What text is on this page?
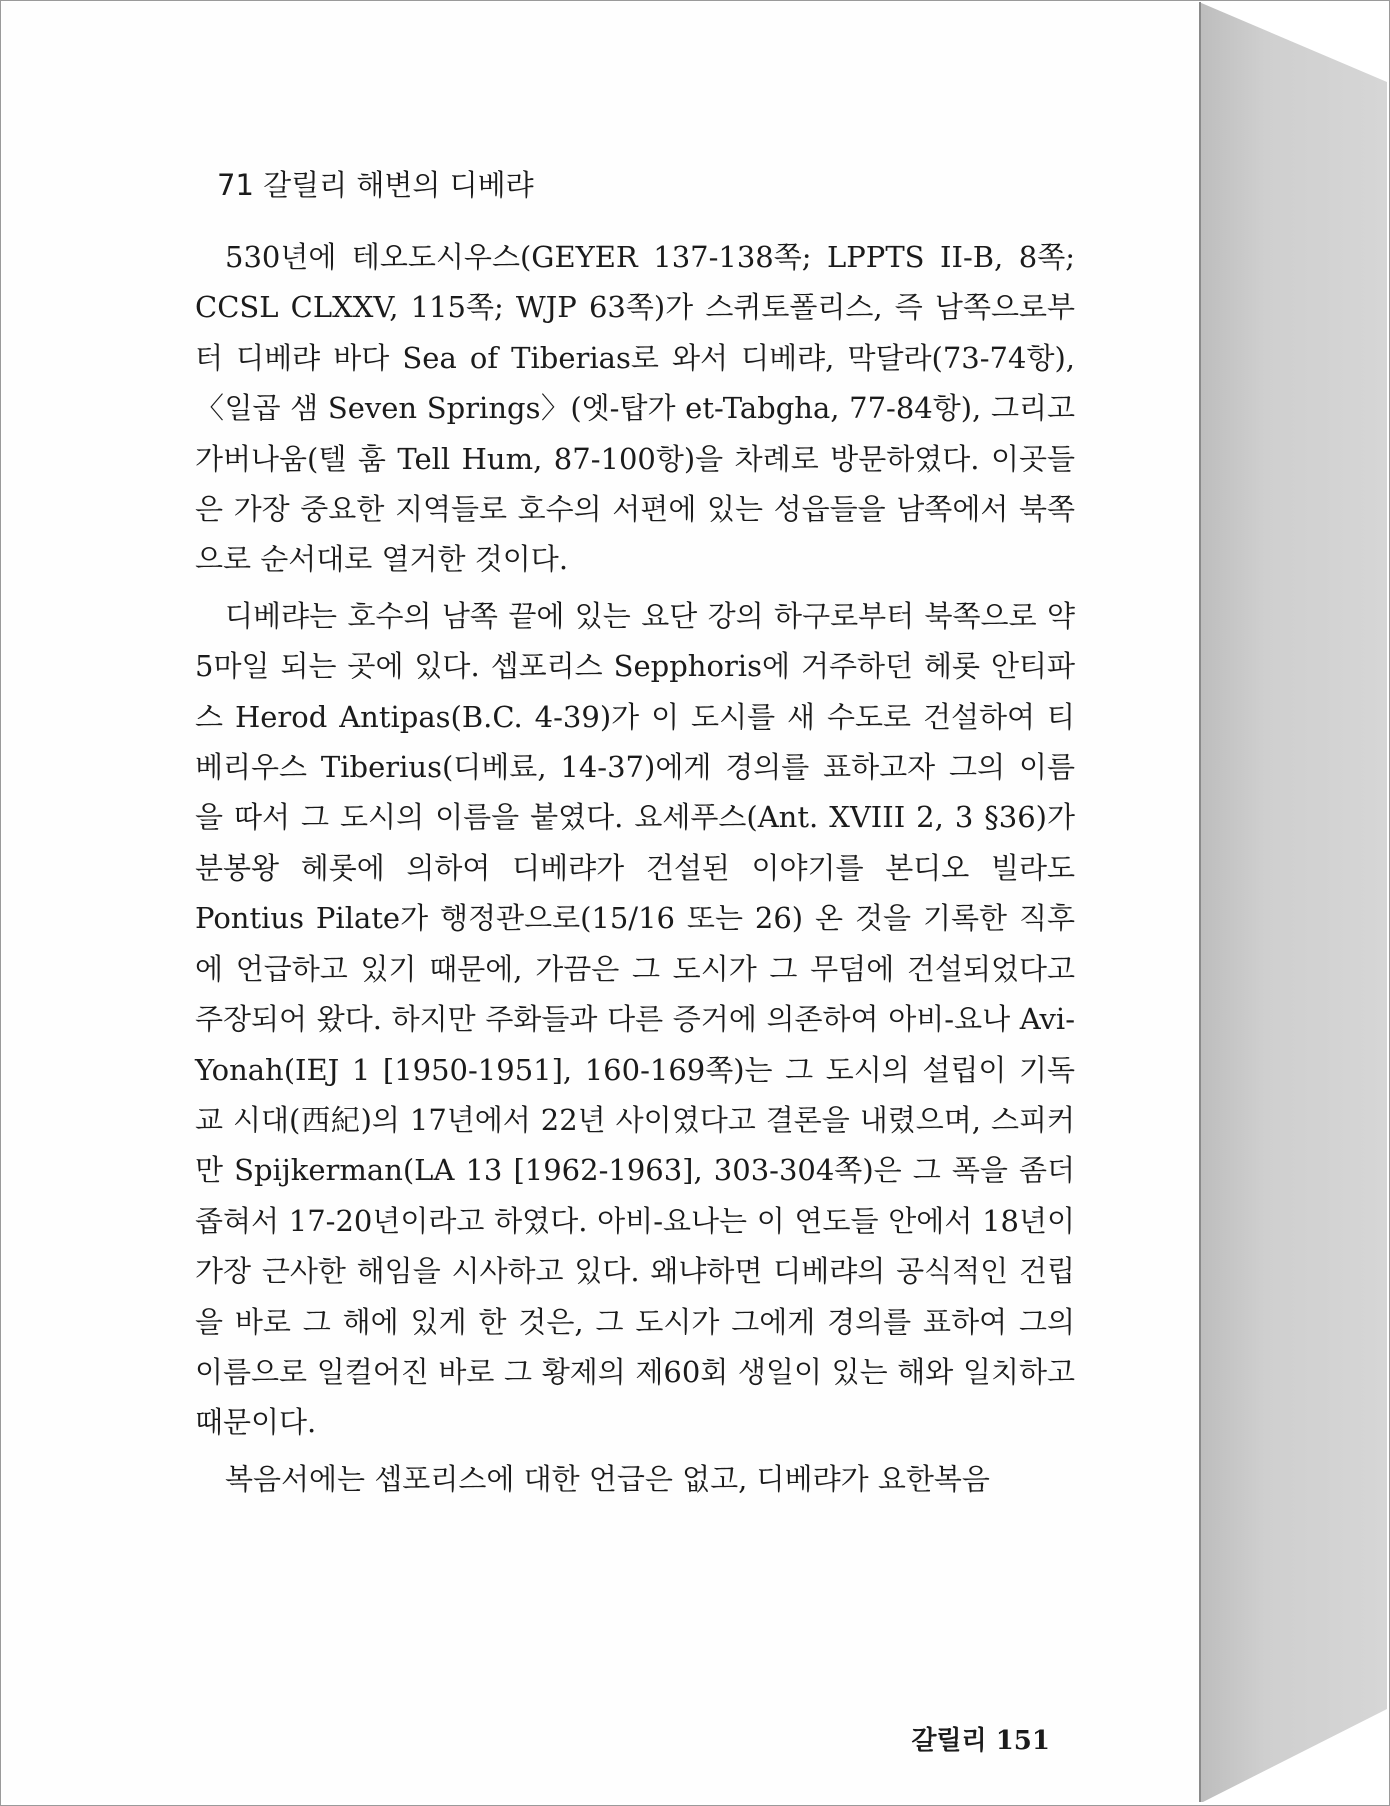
71 갈릴리 해변의 디베랴

530년에 테오도시우스(GEYER 137-138쪽; LPPTS II-B, 8쪽; CCSL CLXXV, 115쪽; WJP 63쪽)가 스퀴토폴리스, 즉 남쪽으로부터 디베랴 바다 Sea of Tiberias로 와서 디베랴, 막달라(73-74항), 〈일곱 샘 Seven Springs〉(엣-탑가 et-Tabgha, 77-84항), 그리고 가버나움(텔 훔 Tell Hum, 87-100항)을 차례로 방문하였다. 이곳들은 가장 중요한 지역들로 호수의 서편에 있는 성읍들을 남쪽에서 북쪽으로 순서대로 열거한 것이다.

디베랴는 호수의 남쪽 끝에 있는 요단 강의 하구로부터 북쪽으로 약 5마일 되는 곳에 있다. 셉포리스 Sepphoris에 거주하던 헤롯 안티파스 Herod Antipas(B.C. 4-39)가 이 도시를 새 수도로 건설하여 티베리우스 Tiberius(디베료, 14-37)에게 경의를 표하고자 그의 이름을 따서 그 도시의 이름을 붙였다. 요세푸스(Ant. XVIII 2, 3 §36)가 분봉왕 헤롯에 의하여 디베랴가 건설된 이야기를 본디오 빌라도 Pontius Pilate가 행정관으로(15/16 또는 26) 온 것을 기록한 직후에 언급하고 있기 때문에, 가끔은 그 도시가 그 무덤에 건설되었다고 주장되어 왔다. 하지만 주화들과 다른 증거에 의존하여 아비-요나 Avi-Yonah(IEJ 1 [1950-1951], 160-169쪽)는 그 도시의 설립이 기독교 시대(西紀)의 17년에서 22년 사이였다고 결론을 내렸으며, 스피커만 Spijkerman(LA 13 [1962-1963], 303-304쪽)은 그 폭을 좀더 좁혀서 17-20년이라고 하였다. 아비-요나는 이 연도들 안에서 18년이 가장 근사한 해임을 시사하고 있다. 왜냐하면 디베랴의 공식적인 건립을 바로 그 해에 있게 한 것은, 그 도시가 그에게 경의를 표하여 그의 이름으로 일컬어진 바로 그 황제의 제60회 생일이 있는 해와 일치하고 때문이다.

복음서에는 셉포리스에 대한 언급은 없고, 디베랴가 요한복음

갈릴리 151
